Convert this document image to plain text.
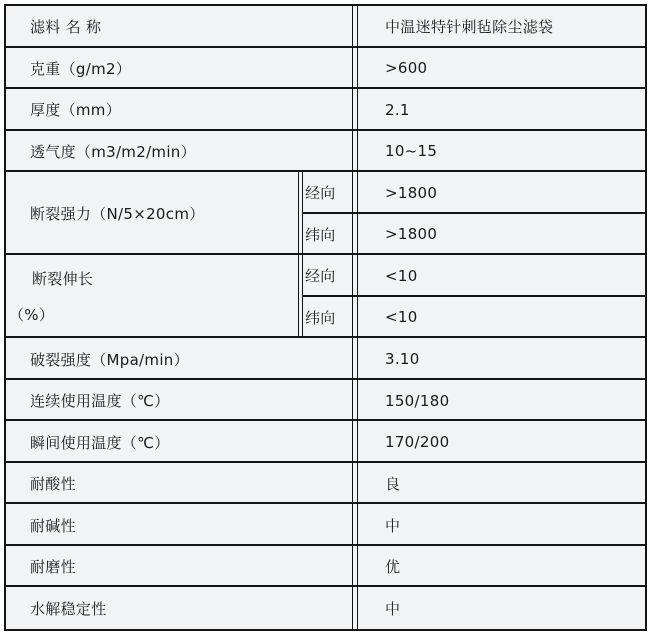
滤料 名 称	中温迷特针刺毡除尘滤袋
克重（g/m2）	>600
厚度（mm）	2.1
透气度（m3/m2/min）	10~15
断裂强力（N/5×20cm）
经向	>1800
纬向	>1800
断裂伸长
（%）
经向	<10
纬向	<10
破裂强度（Mpa/min）	3.10
连续使用温度（℃）	150/180
瞬间使用温度（℃）	170/200
耐酸性	良
耐碱性	中
耐磨性	优
水解稳定性	中
